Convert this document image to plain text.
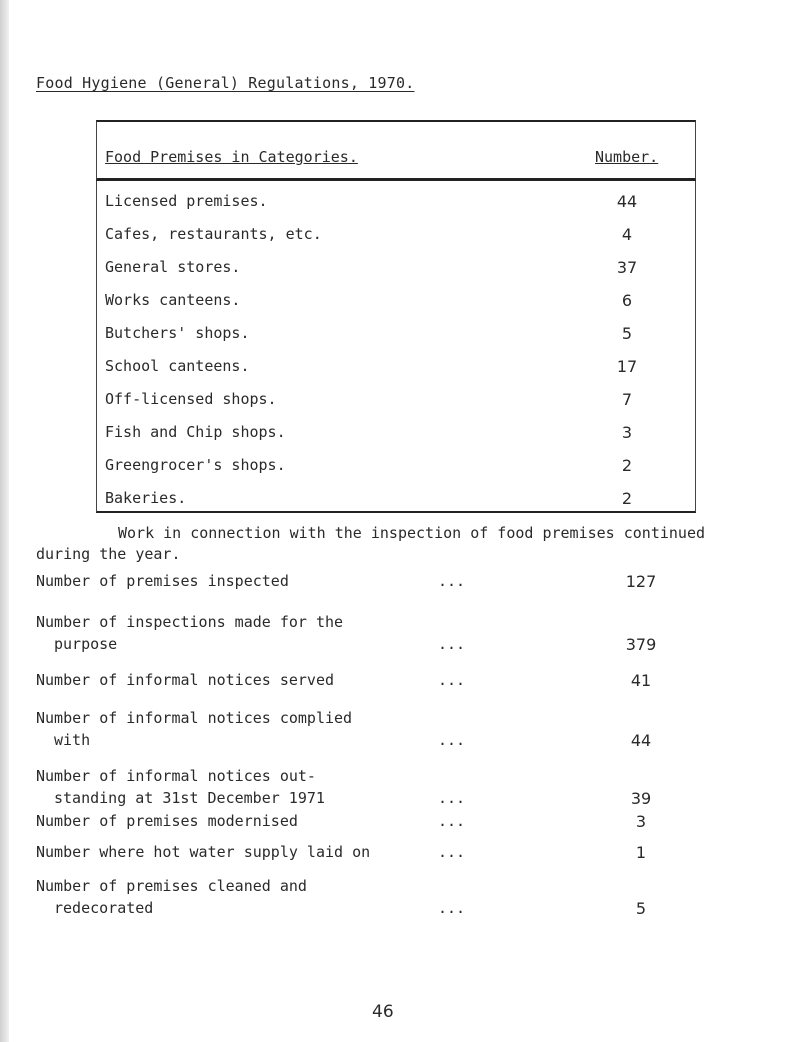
Food Hygiene (General) Regulations, 1970.
Food Premises in Categories.	Number.
Licensed premises.	44
Cafes, restaurants, etc.	4
General stores.	37
Works canteens.	6
Butchers' shops.	5
School canteens.	17
Off-licensed shops.	7
Fish and Chip shops.	3
Greengrocer's shops.	2
Bakeries.	2
Work in connection with the inspection of food premises continued
during the year.
Number of premises inspected	...	127
Number of inspections made for the
purpose	...	379
Number of informal notices served	...	41
Number of informal notices complied
with	...	44
Number of informal notices out-
standing at 31st December 1971	...	39
Number of premises modernised	...	3
Number where hot water supply laid on	...	1
Number of premises cleaned and
redecorated	...	5
46
